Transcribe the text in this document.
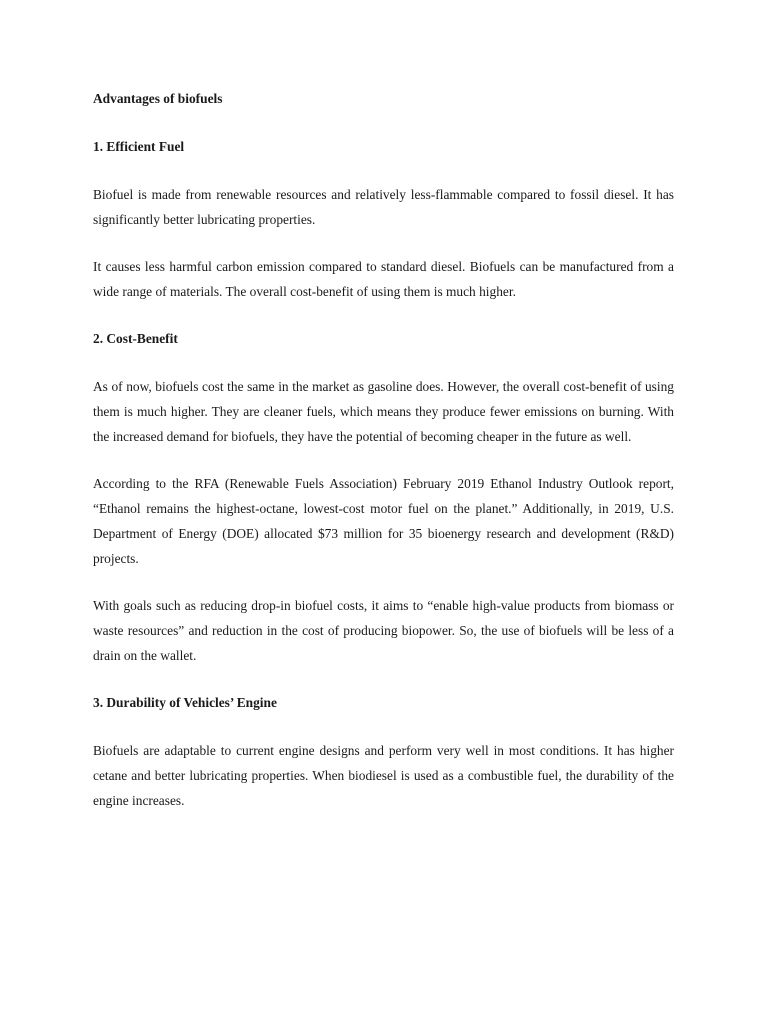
Advantages of biofuels
1. Efficient Fuel

Biofuel is made from renewable resources and relatively less-flammable compared to fossil diesel. It has significantly better lubricating properties.

It causes less harmful carbon emission compared to standard diesel. Biofuels can be manufactured from a wide range of materials. The overall cost-benefit of using them is much higher.

2. Cost-Benefit

As of now, biofuels cost the same in the market as gasoline does. However, the overall cost-benefit of using them is much higher. They are cleaner fuels, which means they produce fewer emissions on burning. With the increased demand for biofuels, they have the potential of becoming cheaper in the future as well.

According to the RFA (Renewable Fuels Association) February 2019 Ethanol Industry Outlook report, “Ethanol remains the highest-octane, lowest-cost motor fuel on the planet.” Additionally, in 2019, U.S. Department of Energy (DOE) allocated $73 million for 35 bioenergy research and development (R&D) projects.

With goals such as reducing drop-in biofuel costs, it aims to “enable high-value products from biomass or waste resources” and reduction in the cost of producing biopower. So, the use of biofuels will be less of a drain on the wallet.

3. Durability of Vehicles’ Engine

Biofuels are adaptable to current engine designs and perform very well in most conditions. It has higher cetane and better lubricating properties. When biodiesel is used as a combustible fuel, the durability of the engine increases.
